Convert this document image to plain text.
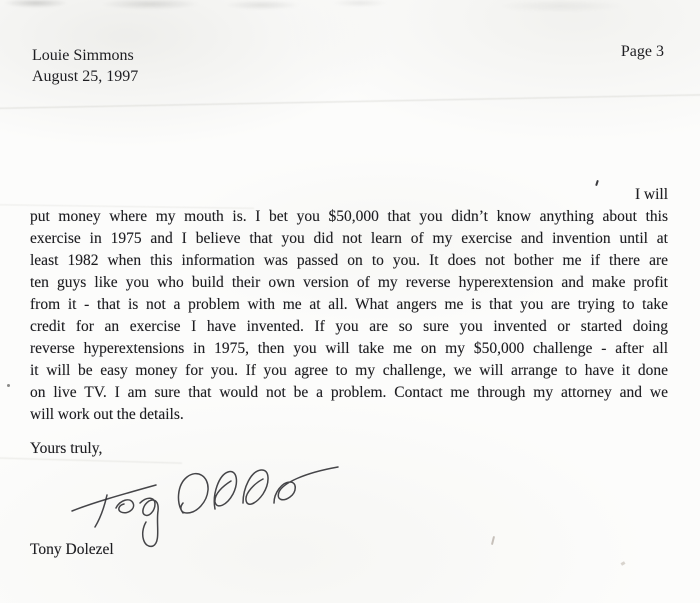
Louie Simmons
August 25, 1997
Page 3
I will
put money where my mouth is. I bet you $50,000 that you didn’t know anything about this
exercise in 1975 and I believe that you did not learn of my exercise and invention until at
least 1982 when this information was passed on to you. It does not bother me if there are
ten guys like you who build their own version of my reverse hyperextension and make profit
from it - that is not a problem with me at all. What angers me is that you are trying to take
credit for an exercise I have invented. If you are so sure you invented or started doing
reverse hyperextensions in 1975, then you will take me on my $50,000 challenge - after all
it will be easy money for you. If you agree to my challenge, we will arrange to have it done
on live TV. I am sure that would not be a problem. Contact me through my attorney and we
will work out the details.
Yours truly,
Tony Dolezel
